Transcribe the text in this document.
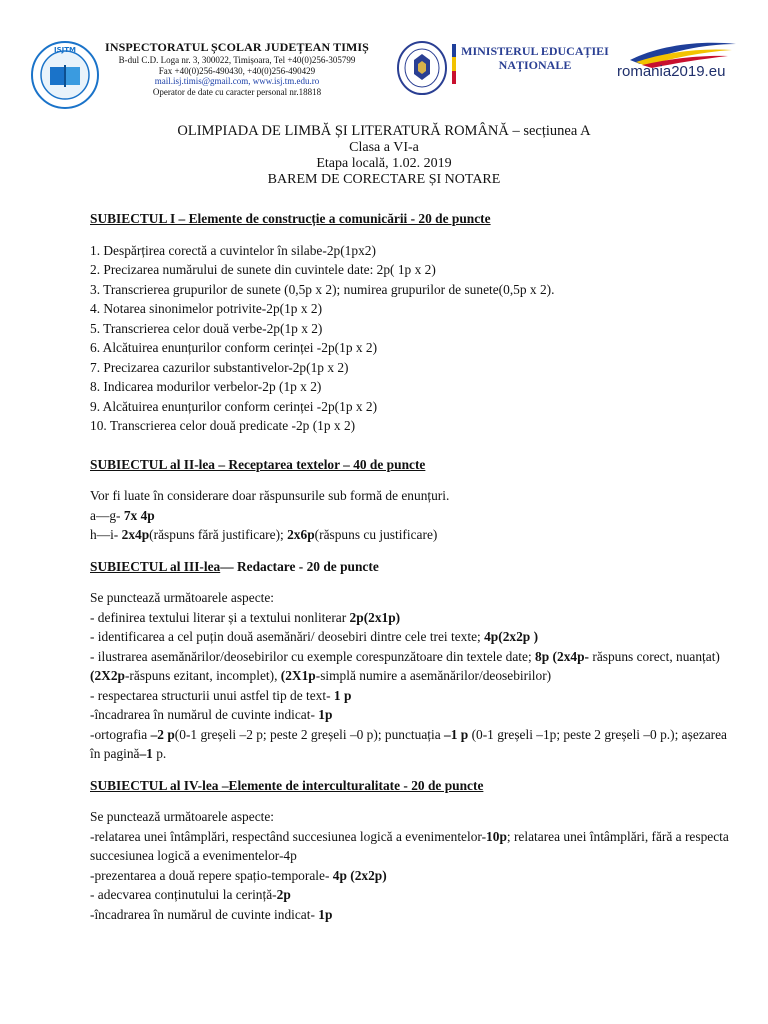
ISJTM INSPECTORATUL ȘCOLAR JUDEȚEAN TIMIȘ
B-dul C.D. Loga nr. 3, 300022, Timișoara, Tel +40(0)256-305799
Fax +40(0)256-490430, +40(0)256-490429
mail.isj.timis@gmail.com, www.isj.tm.edu.ro
Operator de date cu caracter personal nr.18818
MINISTERUL EDUCAȚIEI
NAȚIONALE	romania2019.eu
OLIMPIADA DE LIMBĂ ȘI LITERATURĂ ROMÂNĂ – secțiunea A
Clasa a VI-a
Etapa locală, 1.02. 2019
BAREM DE CORECTARE ȘI NOTARE
SUBIECTUL I – Elemente de construcție a comunicării - 20 de puncte
1. Despărțirea corectă a cuvintelor în silabe-2p(1px2)
2. Precizarea numărului de sunete din cuvintele date: 2p( 1p x 2)
3. Transcrierea grupurilor de sunete (0,5p x 2); numirea grupurilor de sunete(0,5p x 2).
4. Notarea sinonimelor potrivite-2p(1p x 2)
5. Transcrierea celor două verbe-2p(1p x 2)
6. Alcătuirea enunțurilor conform cerinței -2p(1p x 2)
7. Precizarea cazurilor substantivelor-2p(1p x 2)
8. Indicarea modurilor verbelor-2p (1p x 2)
9. Alcătuirea enunțurilor conform cerinței -2p(1p x 2)
10. Transcrierea celor două predicate -2p (1p x 2)
SUBIECTUL al II-lea – Receptarea textelor – 40 de puncte
Vor fi luate în considerare doar răspunsurile sub formă de enunțuri.
a—g- 7x 4p
h—i- 2x4p(răspuns fără justificare); 2x6p(răspuns cu justificare)
SUBIECTUL al III-lea— Redactare - 20 de puncte
Se punctează următoarele aspecte:
- definirea textului literar și a textului nonliterar 2p(2x1p)
- identificarea a cel puțin două asemănări/ deosebiri dintre cele trei texte; 4p(2x2p )
- ilustrarea asemănărilor/deosebirilor cu exemple corespunzătoare din textele date; 8p (2x4p- răspuns corect, nuanțat) (2X2p-răspuns ezitant, incomplet), (2X1p-simplă numire a asemănărilor/deosebirilor)
- respectarea structurii unui astfel tip de text- 1 p
-încadrarea în numărul de cuvinte indicat- 1p
-ortografia –2 p(0-1 greșeli –2 p; peste 2 greșeli –0 p); punctuația –1 p (0-1 greșeli –1p; peste 2 greșeli –0 p.); așezarea în pagină–1 p.
SUBIECTUL al IV-lea –Elemente de interculturalitate - 20 de puncte
Se punctează următoarele aspecte:
-relatarea unei întâmplări, respectând succesiunea logică a evenimentelor-10p; relatarea unei întâmplări, fără a respecta succesiunea logică a evenimentelor-4p
-prezentarea a două repere spațio-temporale- 4p (2x2p)
- adecvarea conținutului la cerință-2p
-încadrarea în numărul de cuvinte indicat- 1p
